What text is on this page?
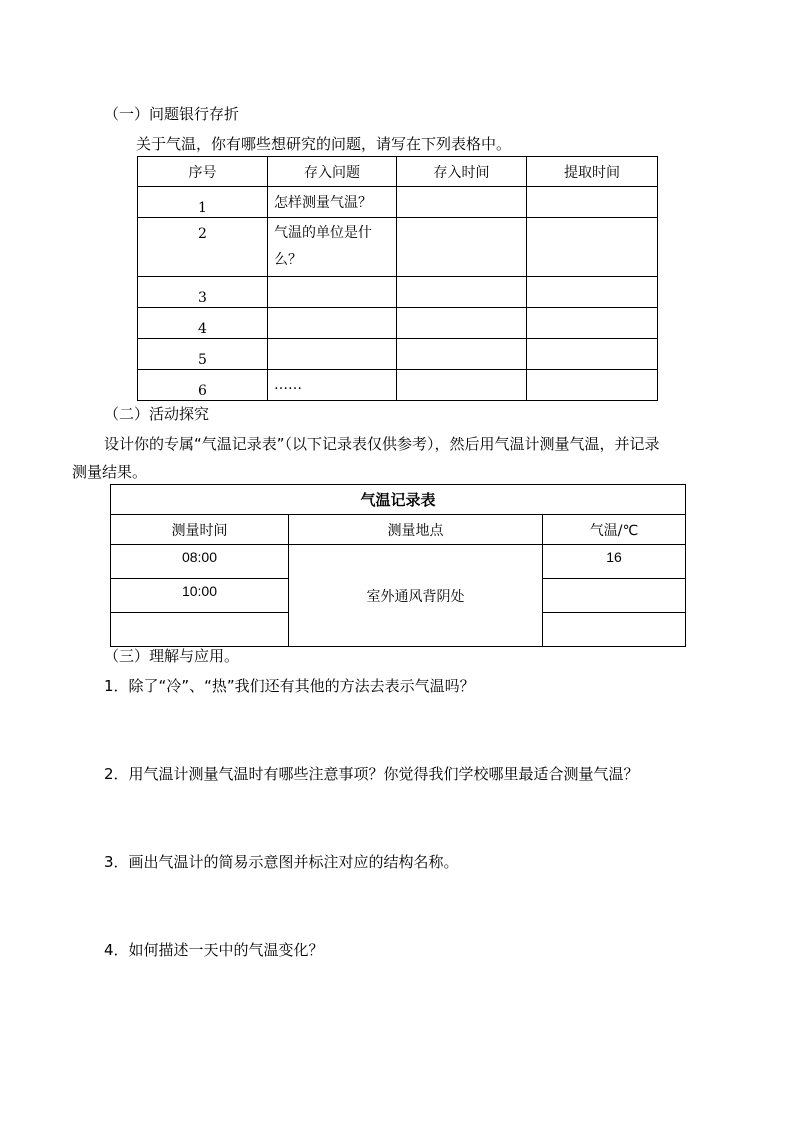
（一）问题银行存折
关于气温，你有哪些想研究的问题，请写在下列表格中。
序号	存入问题	存入时间	提取时间
1	怎样测量气温？		
2	气温的单位是什么？		
3			
4			
5			
6	……		
（二）活动探究
设计你的专属“气温记录表”（以下记录表仅供参考），然后用气温计测量气温，并记录
测量结果。
气温记录表		
测量时间	测量地点	气温/℃
08:00	室外通风背阴处	16
10:00		

（三）理解与应用。
1．除了“冷”、“热”我们还有其他的方法去表示气温吗？
2．用气温计测量气温时有哪些注意事项？你觉得我们学校哪里最适合测量气温？
3．画出气温计的简易示意图并标注对应的结构名称。
4．如何描述一天中的气温变化？
